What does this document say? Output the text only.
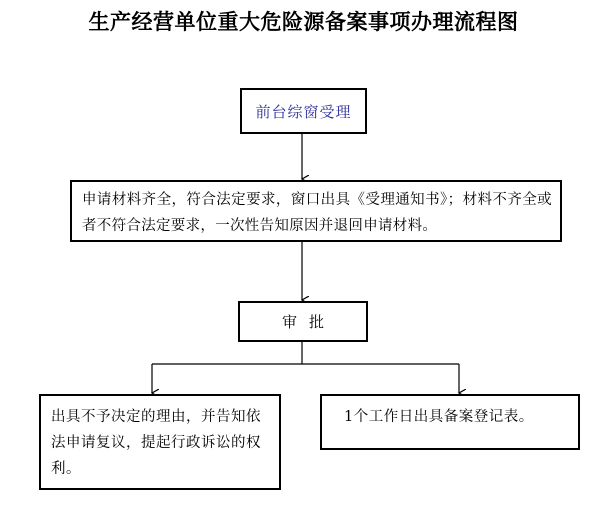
生产经营单位重大危险源备案事项办理流程图
前台综窗受理
申请材料齐全，符合法定要求，窗口出具《受理通知书》；材料不齐全或者不符合法定要求，一次性告知原因并退回申请材料。
审批
出具不予决定的理由，并告知依法申请复议，提起行政诉讼的权利。
1个工作日出具备案登记表。
